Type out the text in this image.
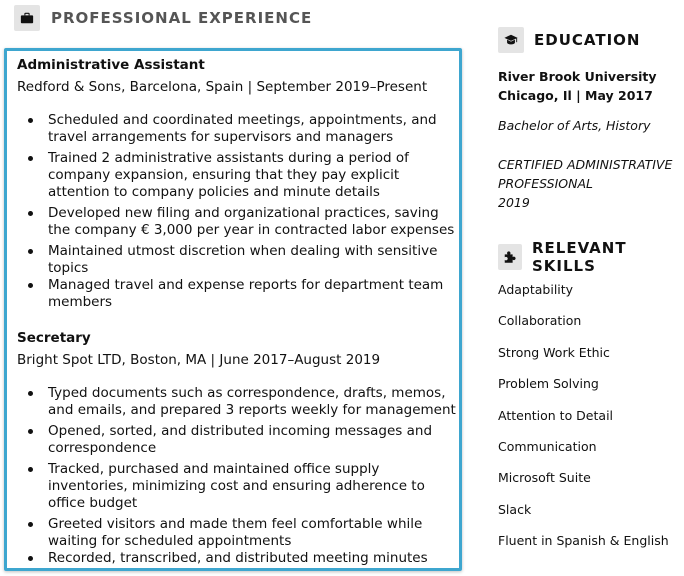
PROFESSIONAL EXPERIENCE
Administrative Assistant
Redford & Sons, Barcelona, Spain | September 2019–Present
Scheduled and coordinated meetings, appointments, and travel arrangements for supervisors and managers
Trained 2 administrative assistants during a period of company expansion, ensuring that they pay explicit attention to company policies and minute details
Developed new filing and organizational practices, saving the company € 3,000 per year in contracted labor expenses
Maintained utmost discretion when dealing with sensitive topics
Managed travel and expense reports for department team members
Secretary
Bright Spot LTD, Boston, MA | June 2017–August 2019
Typed documents such as correspondence, drafts, memos, and emails, and prepared 3 reports weekly for management
Opened, sorted, and distributed incoming messages and correspondence
Tracked, purchased and maintained office supply inventories, minimizing cost and ensuring adherence to office budget
Greeted visitors and made them feel comfortable while waiting for scheduled appointments
Recorded, transcribed, and distributed meeting minutes
EDUCATION
River Brook University
Chicago, Il | May 2017
Bachelor of Arts, History
CERTIFIED ADMINISTRATIVE
PROFESSIONAL
2019
RELEVANT SKILLS
Adaptability
Collaboration
Strong Work Ethic
Problem Solving
Attention to Detail
Communication
Microsoft Suite
Slack
Fluent in Spanish & English
